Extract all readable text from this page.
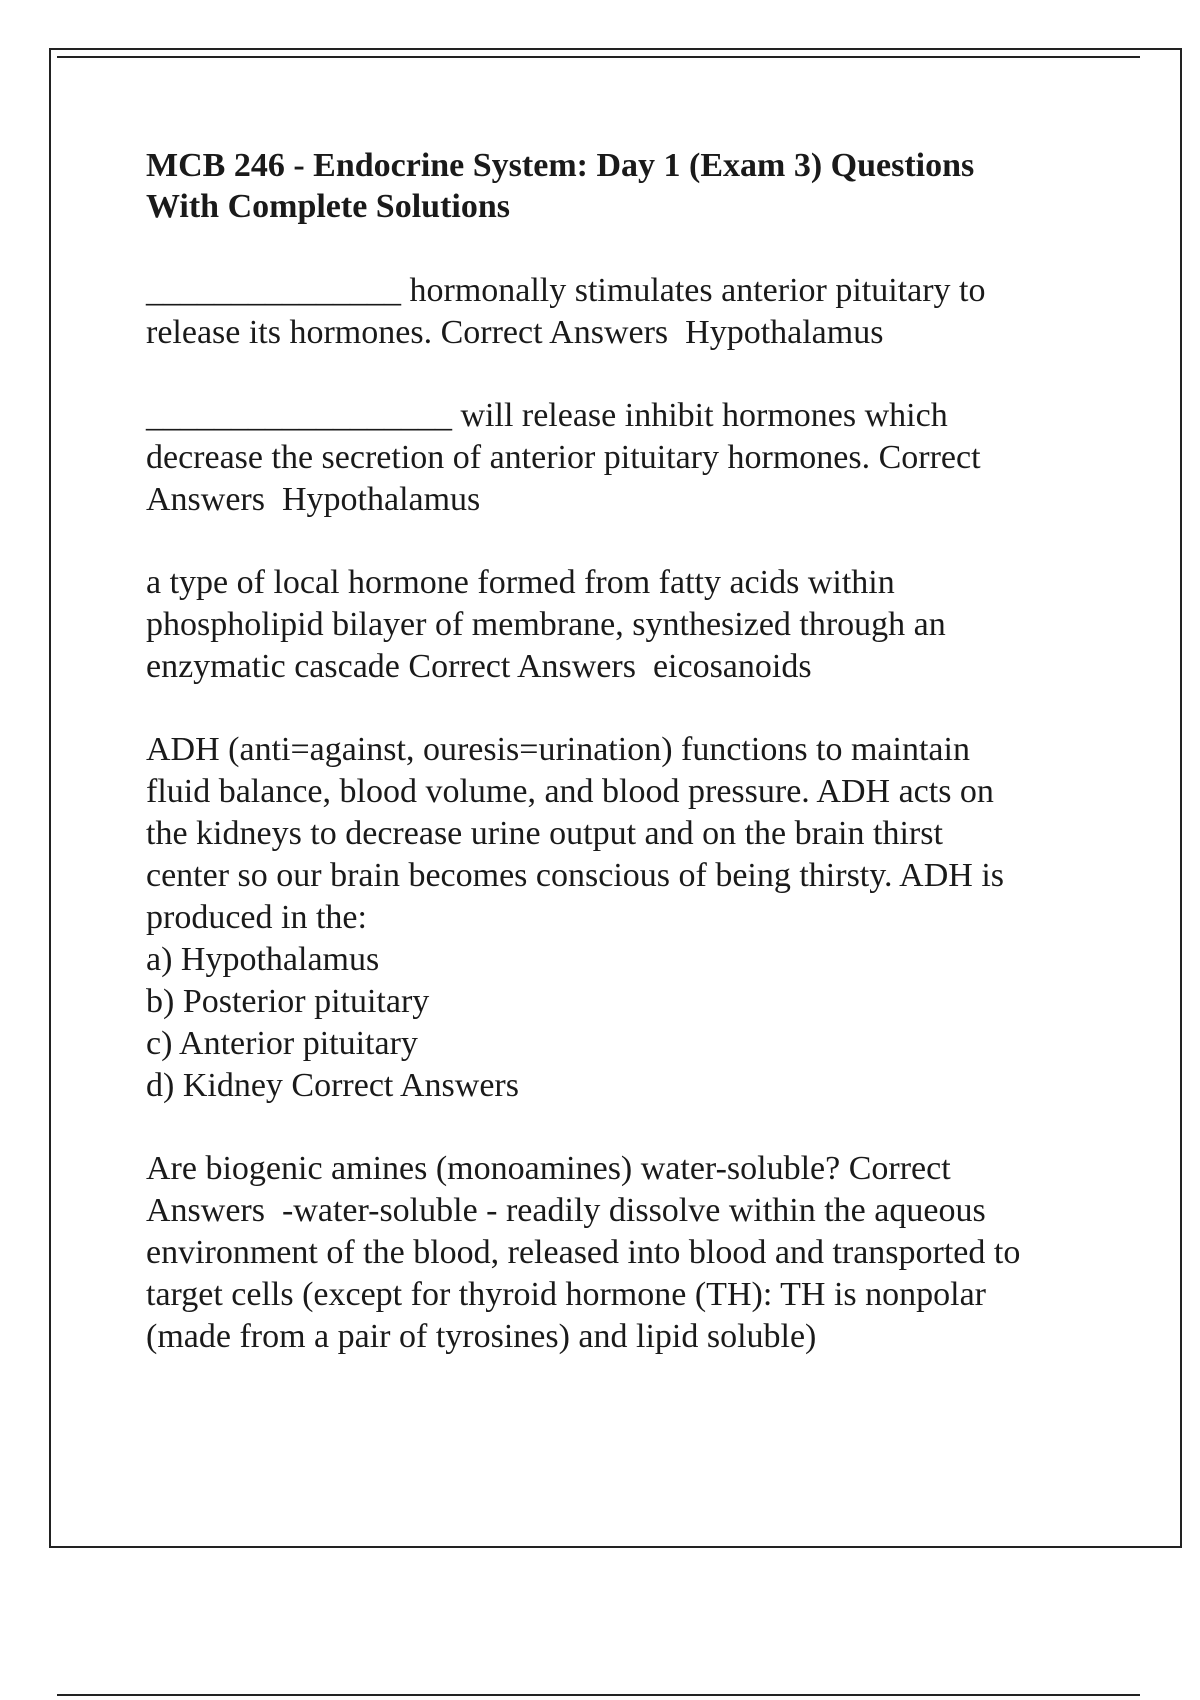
MCB 246 - Endocrine System: Day 1 (Exam 3) Questions
With Complete Solutions
_______________ hormonally stimulates anterior pituitary to
release its hormones. Correct Answers  Hypothalamus
__________________ will release inhibit hormones which
decrease the secretion of anterior pituitary hormones. Correct
Answers  Hypothalamus
a type of local hormone formed from fatty acids within
phospholipid bilayer of membrane, synthesized through an
enzymatic cascade Correct Answers  eicosanoids
ADH (anti=against, ouresis=urination) functions to maintain
fluid balance, blood volume, and blood pressure. ADH acts on
the kidneys to decrease urine output and on the brain thirst
center so our brain becomes conscious of being thirsty. ADH is
produced in the:
a) Hypothalamus
b) Posterior pituitary
c) Anterior pituitary
d) Kidney Correct Answers
Are biogenic amines (monoamines) water-soluble? Correct
Answers  -water-soluble - readily dissolve within the aqueous
environment of the blood, released into blood and transported to
target cells (except for thyroid hormone (TH): TH is nonpolar
(made from a pair of tyrosines) and lipid soluble)
